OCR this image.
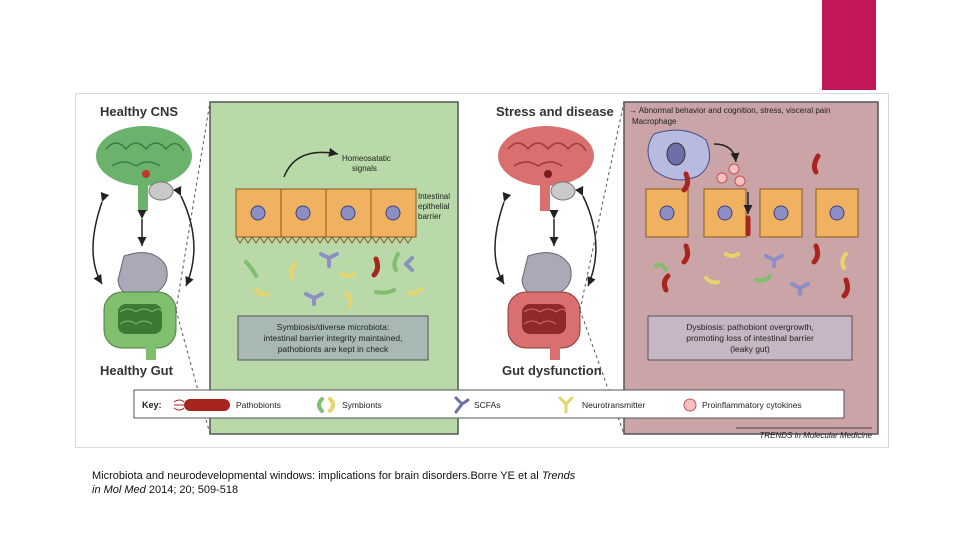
Healthy CNS
Healthy Gut
Homeosatatic
signals
Intestinal
epithelial
barrier
Symbiosis/diverse microbiota:
intestinal barrier integrity maintained,
pathobionts are kept in check
Stress and disease
Gut dysfunction
→ Abnormal behavior and cognition, stress, visceral pain
Macrophage
Dysbiosis: pathobiont overgrowth,
promoting loss of intestinal barrier
(leaky gut)
Key:	Pathobionts	Symbionts	SCFAs	Neurotransmitter	Proinflammatory cytokines
TRENDS in Molecular Medicine
Microbiota and neurodevelopmental windows: implications for brain disorders.Borre YE et al Trends
in Mol Med 2014; 20; 509-518
